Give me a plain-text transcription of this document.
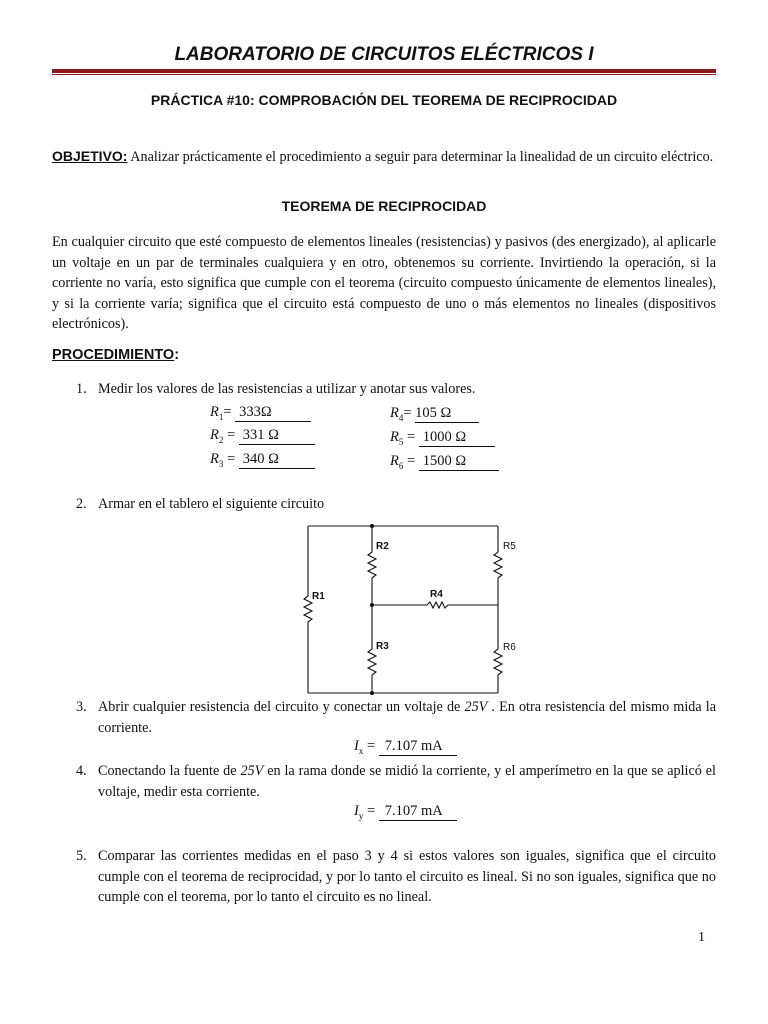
LABORATORIO DE CIRCUITOS ELÉCTRICOS I
PRÁCTICA #10: COMPROBACIÓN DEL TEOREMA DE RECIPROCIDAD
OBJETIVO: Analizar prácticamente el procedimiento a seguir para determinar la linealidad de un circuito eléctrico.
TEOREMA DE RECIPROCIDAD
En cualquier circuito que esté compuesto de elementos lineales (resistencias) y pasivos (des energizado), al aplicarle un voltaje en un par de terminales cualquiera y en otro, obtenemos su corriente. Invirtiendo la operación, si la corriente no varía, esto significa que cumple con el teorema (circuito compuesto únicamente de elementos lineales), y si la corriente varía; significa que el circuito está compuesto de uno o más elementos no lineales (dispositivos electrónicos).
PROCEDIMIENTO:
1. Medir los valores de las resistencias a utilizar y anotar sus valores.
$R_1= 333\Omega$
$R_2 = 331$ Ω
$R_3 = 340$ Ω
$R_4= 105$ Ω
$R_5 = 1000$ Ω
$R_6 = 1500$ Ω
2. Armar en el tablero el siguiente circuito
R1
R2
R3
R4
R5
R6
3. Abrir cualquier resistencia del circuito y conectar un voltaje de 25V . En otra resistencia del mismo mida la corriente.
$I_x = 7.107$ mA
4. Conectando la fuente de 25V en la rama donde se midió la corriente, y el amperímetro en la que se aplicó el voltaje, medir esta corriente.
$I_y = 7.107$ mA
5. Comparar las corrientes medidas en el paso 3 y 4 si estos valores son iguales, significa que el circuito cumple con el teorema de reciprocidad, y por lo tanto el circuito es lineal. Si no son iguales, significa que no cumple con el teorema, por lo tanto el circuito es no lineal.
1
